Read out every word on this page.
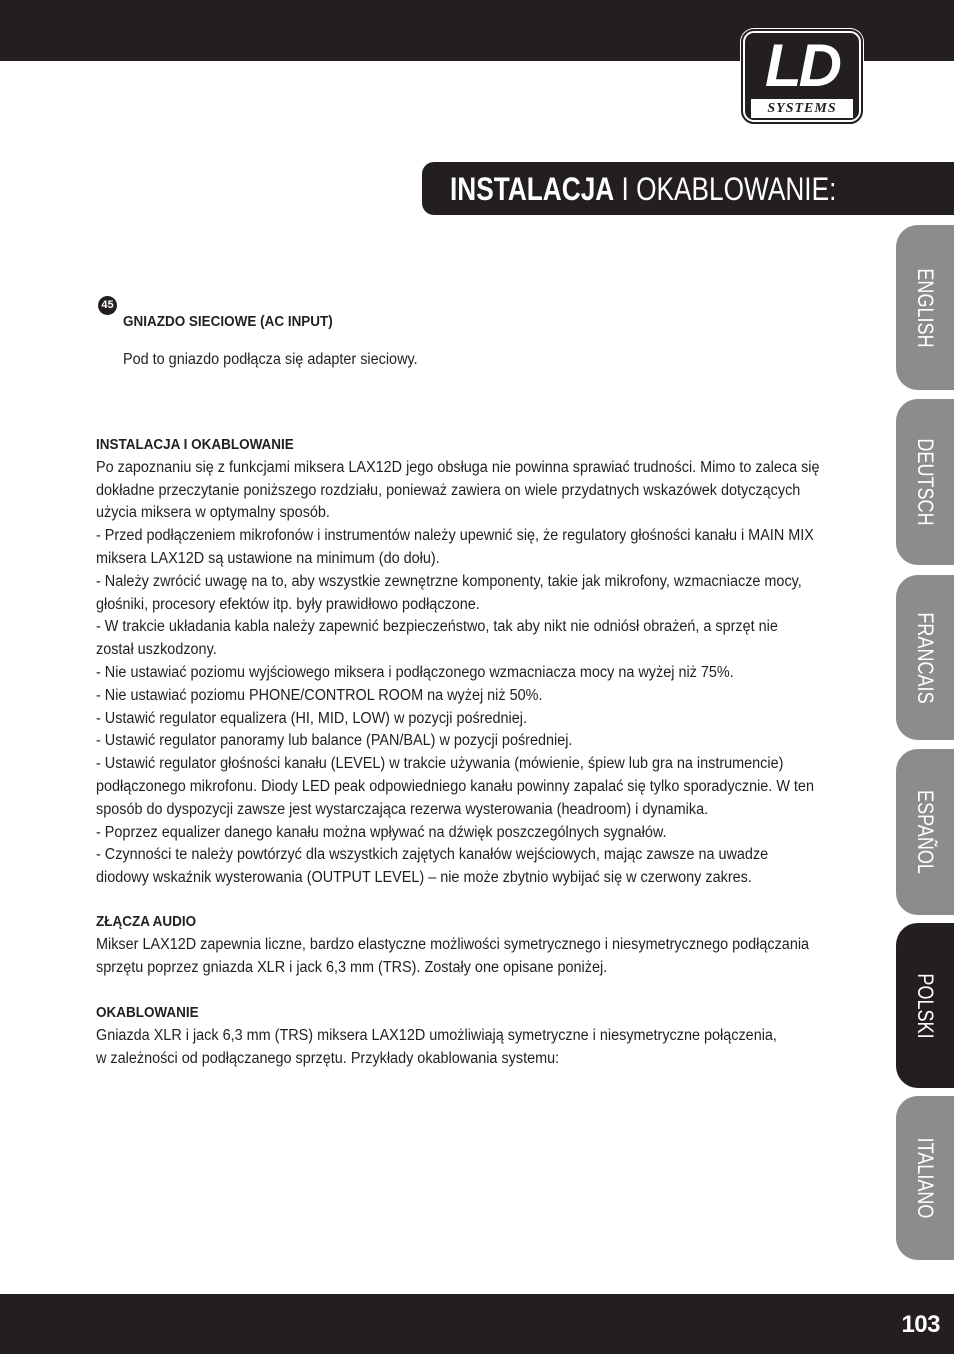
LD
SYSTEMS
INSTALACJA I OKABLOWANIE:
ENGLISH
DEUTSCH
FRANCAIS
ESPAÑOL
POLSKI
ITALIANO
45

GNIAZDO SIECIOWE (AC INPUT)

Pod to gniazdo podłącza się adapter sieciowy.

INSTALACJA I OKABLOWANIE

Po zapoznaniu się z funkcjami miksera LAX12D jego obsługa nie powinna sprawiać trudności. Mimo to zaleca się

dokładne przeczytanie poniższego rozdziału, ponieważ zawiera on wiele przydatnych wskazówek dotyczących

użycia miksera w optymalny sposób.

- Przed podłączeniem mikrofonów i instrumentów należy upewnić się, że regulatory głośności kanału i MAIN MIX

miksera LAX12D są ustawione na minimum (do dołu).

- Należy zwrócić uwagę na to, aby wszystkie zewnętrzne komponenty, takie jak mikrofony, wzmacniacze mocy,

głośniki, procesory efektów itp. były prawidłowo podłączone.

- W trakcie układania kabla należy zapewnić bezpieczeństwo, tak aby nikt nie odniósł obrażeń, a sprzęt nie

został uszkodzony.

- Nie ustawiać poziomu wyjściowego miksera i podłączonego wzmacniacza mocy na wyżej niż 75%.

- Nie ustawiać poziomu PHONE/CONTROL ROOM na wyżej niż 50%.

- Ustawić regulator equalizera (HI, MID, LOW) w pozycji pośredniej.

- Ustawić regulator panoramy lub balance (PAN/BAL) w pozycji pośredniej.

- Ustawić regulator głośności kanału (LEVEL) w trakcie używania (mówienie, śpiew lub gra na instrumencie)

podłączonego mikrofonu. Diody LED peak odpowiedniego kanału powinny zapalać się tylko sporadycznie. W ten

sposób do dyspozycji zawsze jest wystarczająca rezerwa wysterowania (headroom) i dynamika.

- Poprzez equalizer danego kanału można wpływać na dźwięk poszczególnych sygnałów.

- Czynności te należy powtórzyć dla wszystkich zajętych kanałów wejściowych, mając zawsze na uwadze

diodowy wskaźnik wysterowania (OUTPUT LEVEL) – nie może zbytnio wybijać się w czerwony zakres.

ZŁĄCZA AUDIO

Mikser LAX12D zapewnia liczne, bardzo elastyczne możliwości symetrycznego i niesymetrycznego podłączania

sprzętu poprzez gniazda XLR i jack 6,3 mm (TRS). Zostały one opisane poniżej.

OKABLOWANIE

Gniazda XLR i jack 6,3 mm (TRS) miksera LAX12D umożliwiają symetryczne i niesymetryczne połączenia,

w zależności od podłączanego sprzętu. Przykłady okablowania systemu:

103
